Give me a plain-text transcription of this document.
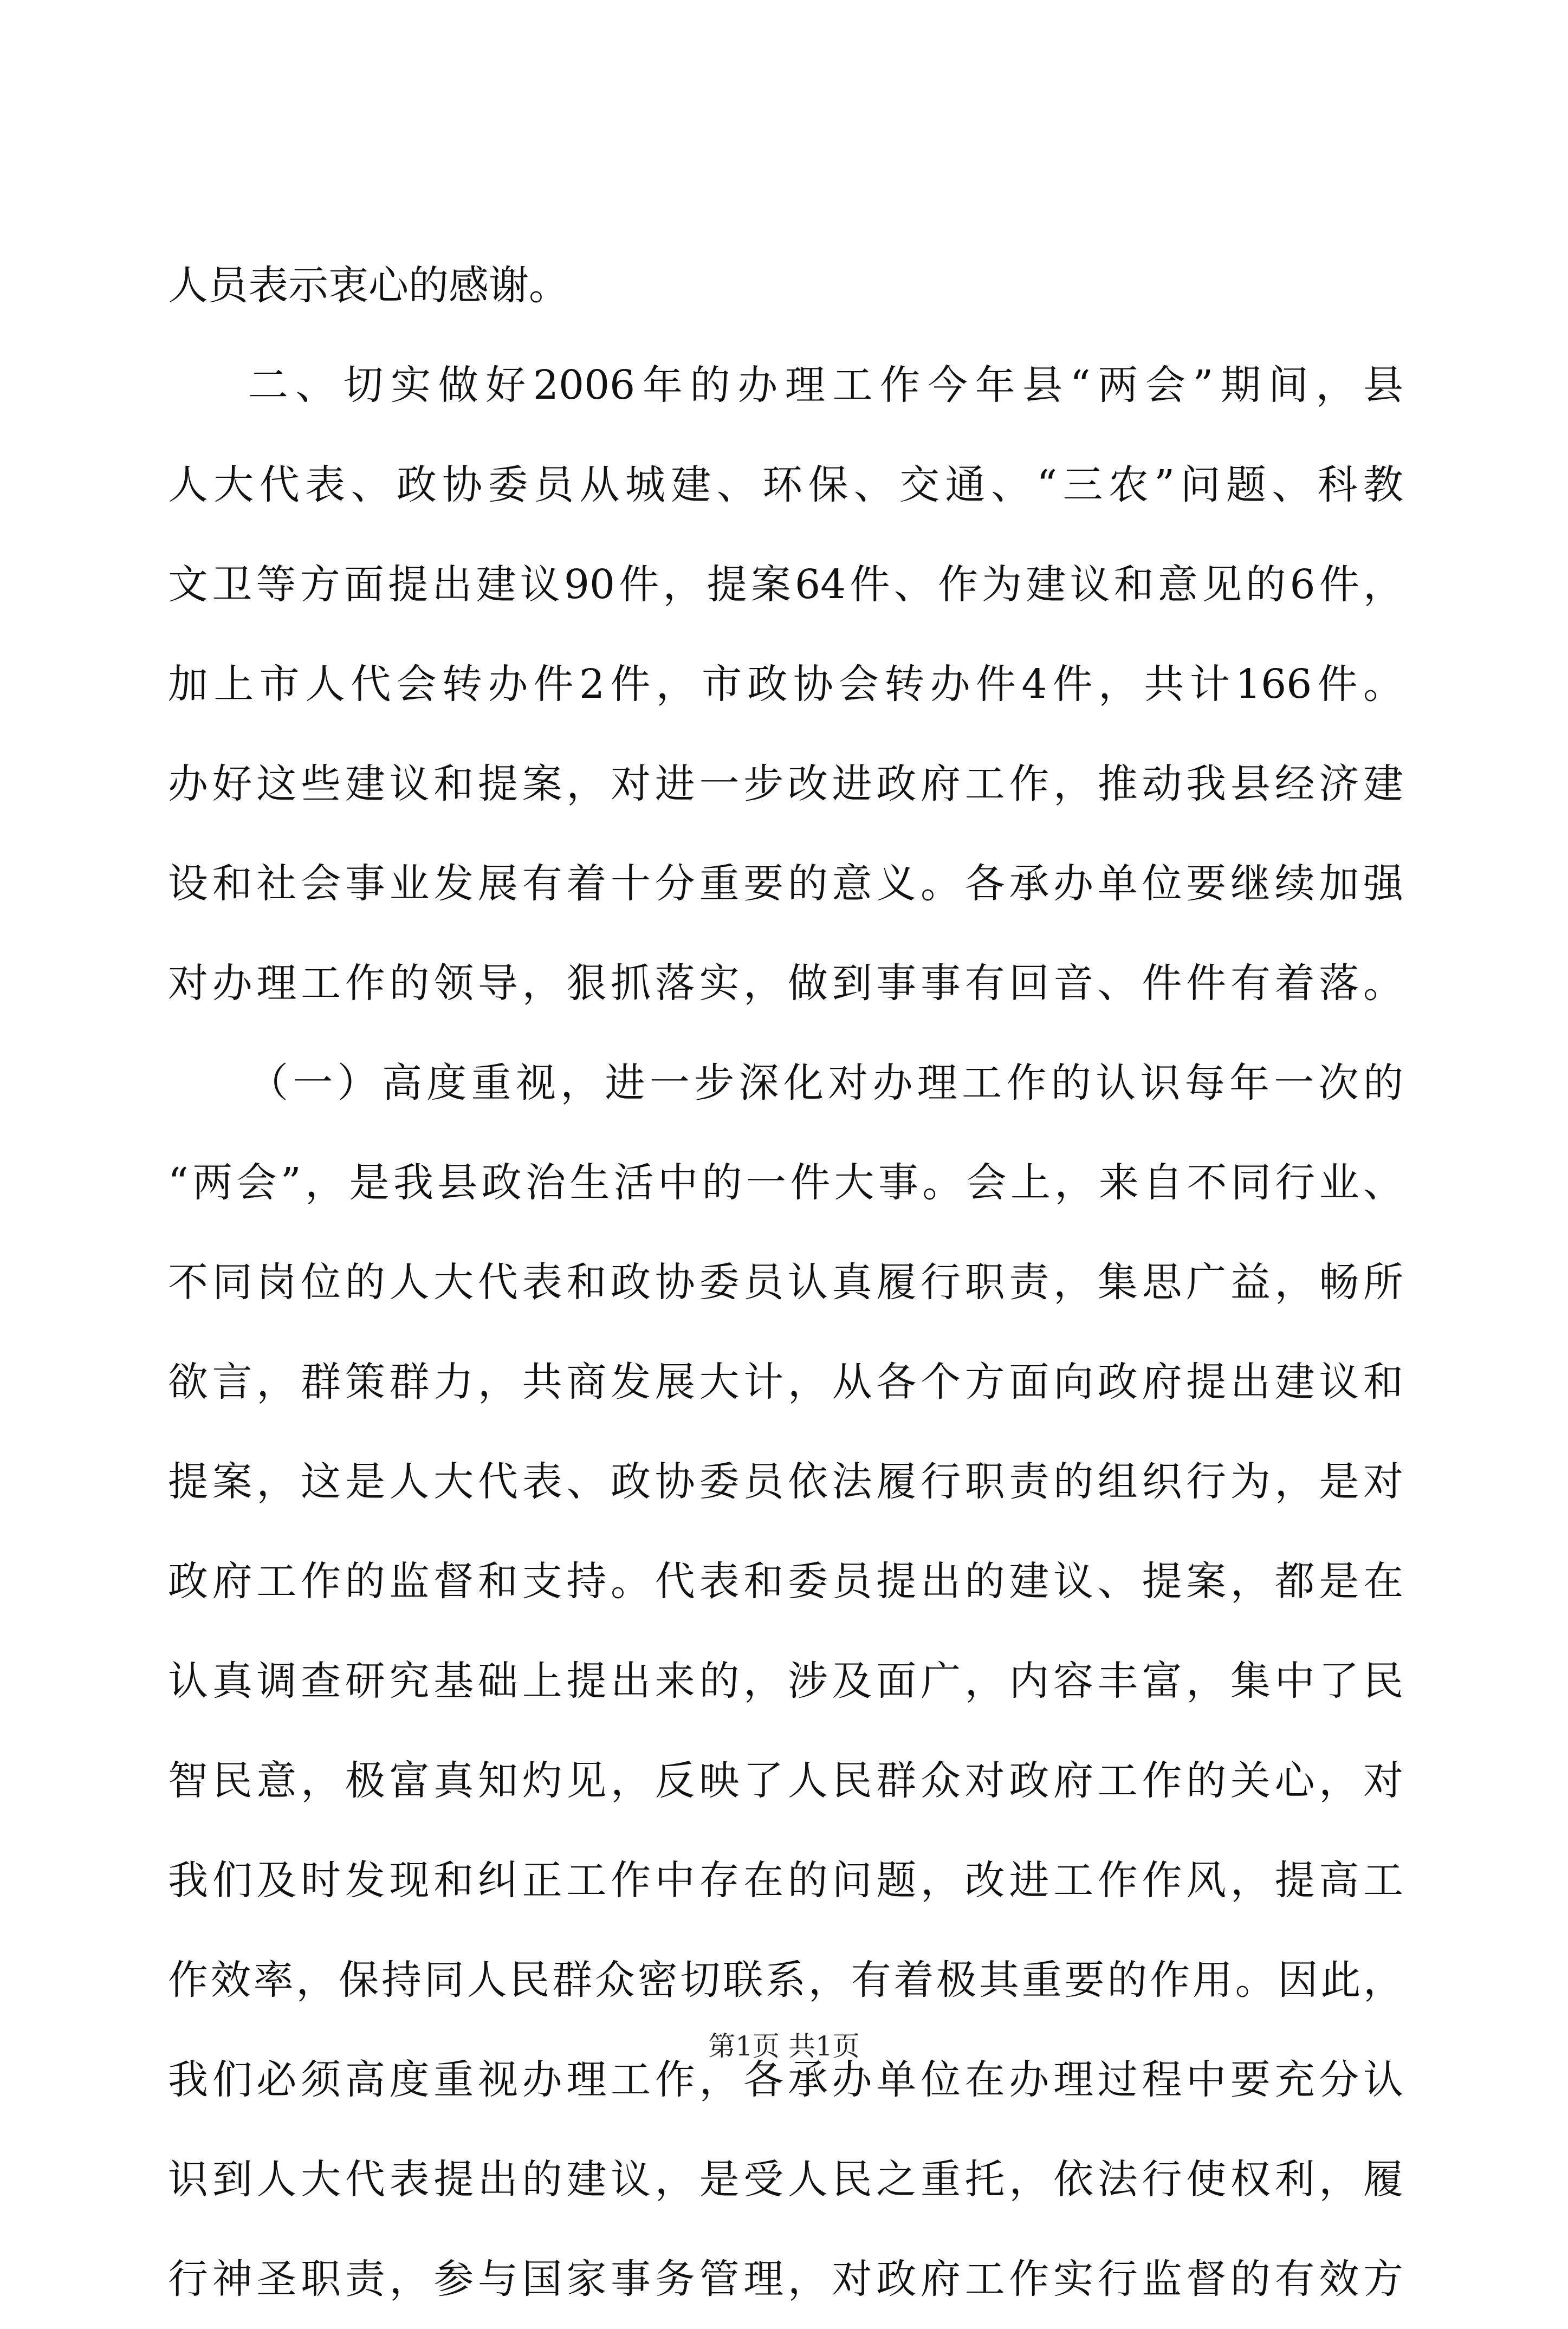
人员表示衷心的感谢。
二、切实做好2006年的办理工作今年县“两会”期间，县
人大代表、政协委员从城建、环保、交通、“三农”问题、科教
文卫等方面提出建议90件，提案64件、作为建议和意见的6件，
加上市人代会转办件2件，市政协会转办件4件，共计166件。
办好这些建议和提案，对进一步改进政府工作，推动我县经济建
设和社会事业发展有着十分重要的意义。各承办单位要继续加强
对办理工作的领导，狠抓落实，做到事事有回音、件件有着落。
（一）高度重视，进一步深化对办理工作的认识每年一次的
“两会”，是我县政治生活中的一件大事。会上，来自不同行业、
不同岗位的人大代表和政协委员认真履行职责，集思广益，畅所
欲言，群策群力，共商发展大计，从各个方面向政府提出建议和
提案，这是人大代表、政协委员依法履行职责的组织行为，是对
政府工作的监督和支持。代表和委员提出的建议、提案，都是在
认真调查研究基础上提出来的，涉及面广，内容丰富，集中了民
智民意，极富真知灼见，反映了人民群众对政府工作的关心，对
我们及时发现和纠正工作中存在的问题，改进工作作风，提高工
作效率，保持同人民群众密切联系，有着极其重要的作用。因此，
我们必须高度重视办理工作，各承办单位在办理过程中要充分认
识到人大代表提出的建议，是受人民之重托，依法行使权利，履
行神圣职责，参与国家事务管理，对政府工作实行监督的有效方
第1页 共1页
